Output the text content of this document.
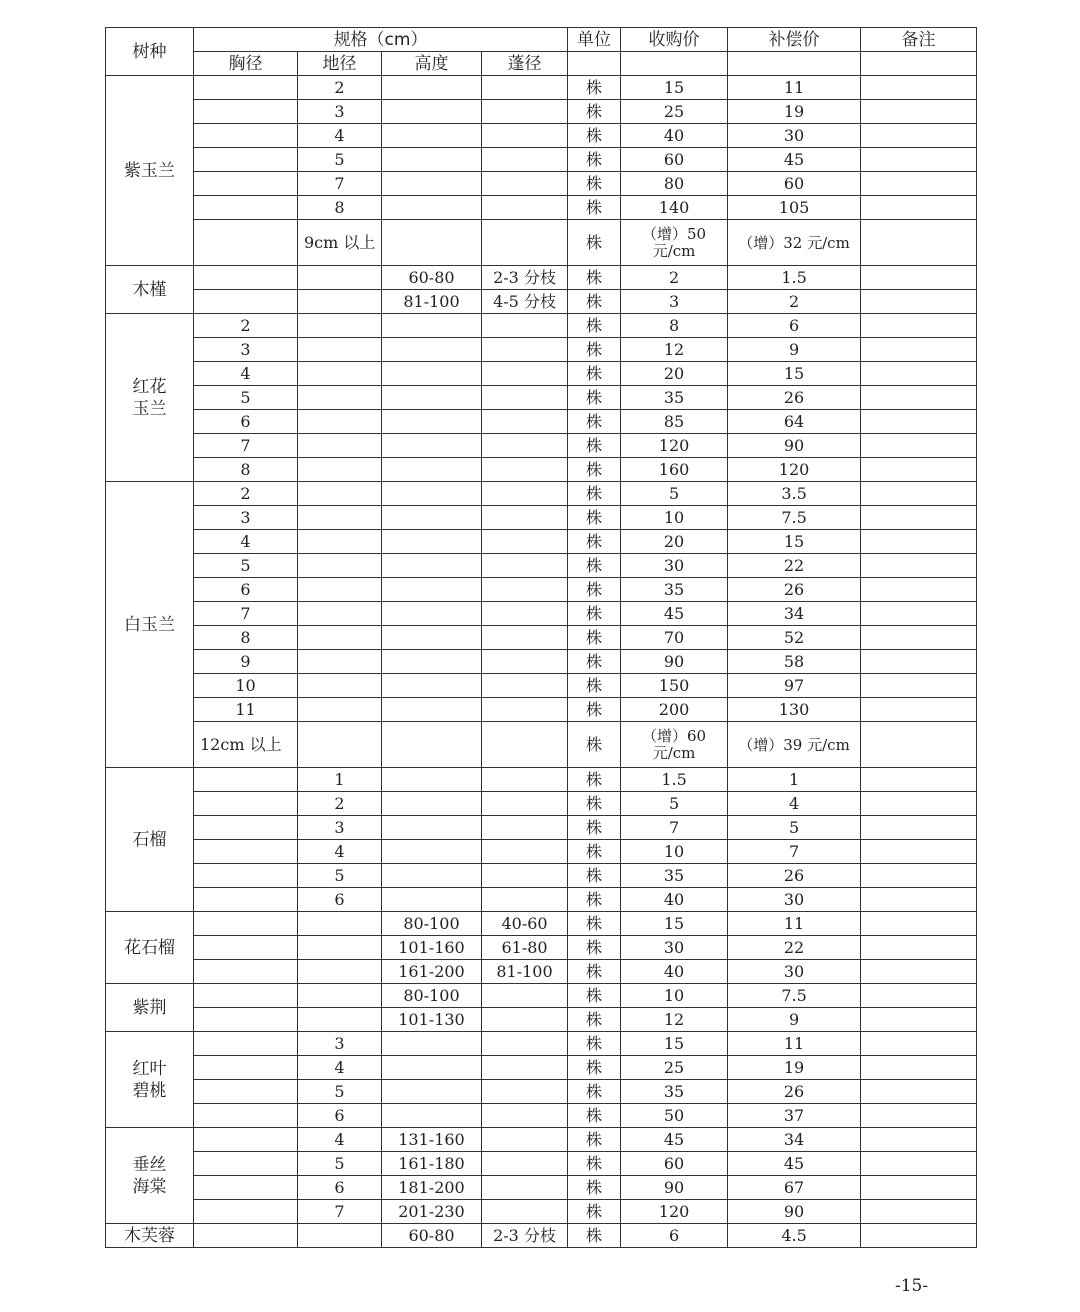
树种	规格（cm）				单位	收购价	补偿价	备注
	胸径	地径	高度	蓬径				
紫玉兰		2			株	15	11	
		3			株	25	19	
		4			株	40	30	
		5			株	60	45	
		7			株	80	60	
		8			株	140	105	
		9cm 以上			株	（增）50 元/cm	（增）32 元/cm	
木槿			60-80	2-3 分枝	株	2	1.5	
			81-100	4-5 分枝	株	3	2	
红花玉兰	2				株	8	6	
	3				株	12	9	
	4				株	20	15	
	5				株	35	26	
	6				株	85	64	
	7				株	120	90	
	8				株	160	120	
白玉兰	2				株	5	3.5	
	3				株	10	7.5	
	4				株	20	15	
	5				株	30	22	
	6				株	35	26	
	7				株	45	34	
	8				株	70	52	
	9				株	90	58	
	10				株	150	97	
	11				株	200	130	
	12cm 以上				株	（增）60 元/cm	（增）39 元/cm	
石榴		1			株	1.5	1	
		2			株	5	4	
		3			株	7	5	
		4			株	10	7	
		5			株	35	26	
		6			株	40	30	
花石榴			80-100	40-60	株	15	11	
			101-160	61-80	株	30	22	
			161-200	81-100	株	40	30	
紫荆			80-100		株	10	7.5	
			101-130		株	12	9	
红叶碧桃		3			株	15	11	
		4			株	25	19	
		5			株	35	26	
		6			株	50	37	
垂丝海棠		4	131-160		株	45	34	
		5	161-180		株	60	45	
		6	181-200		株	90	67	
		7	201-230		株	120	90	
木芙蓉			60-80	2-3 分枝	株	6	4.5	
-15-
